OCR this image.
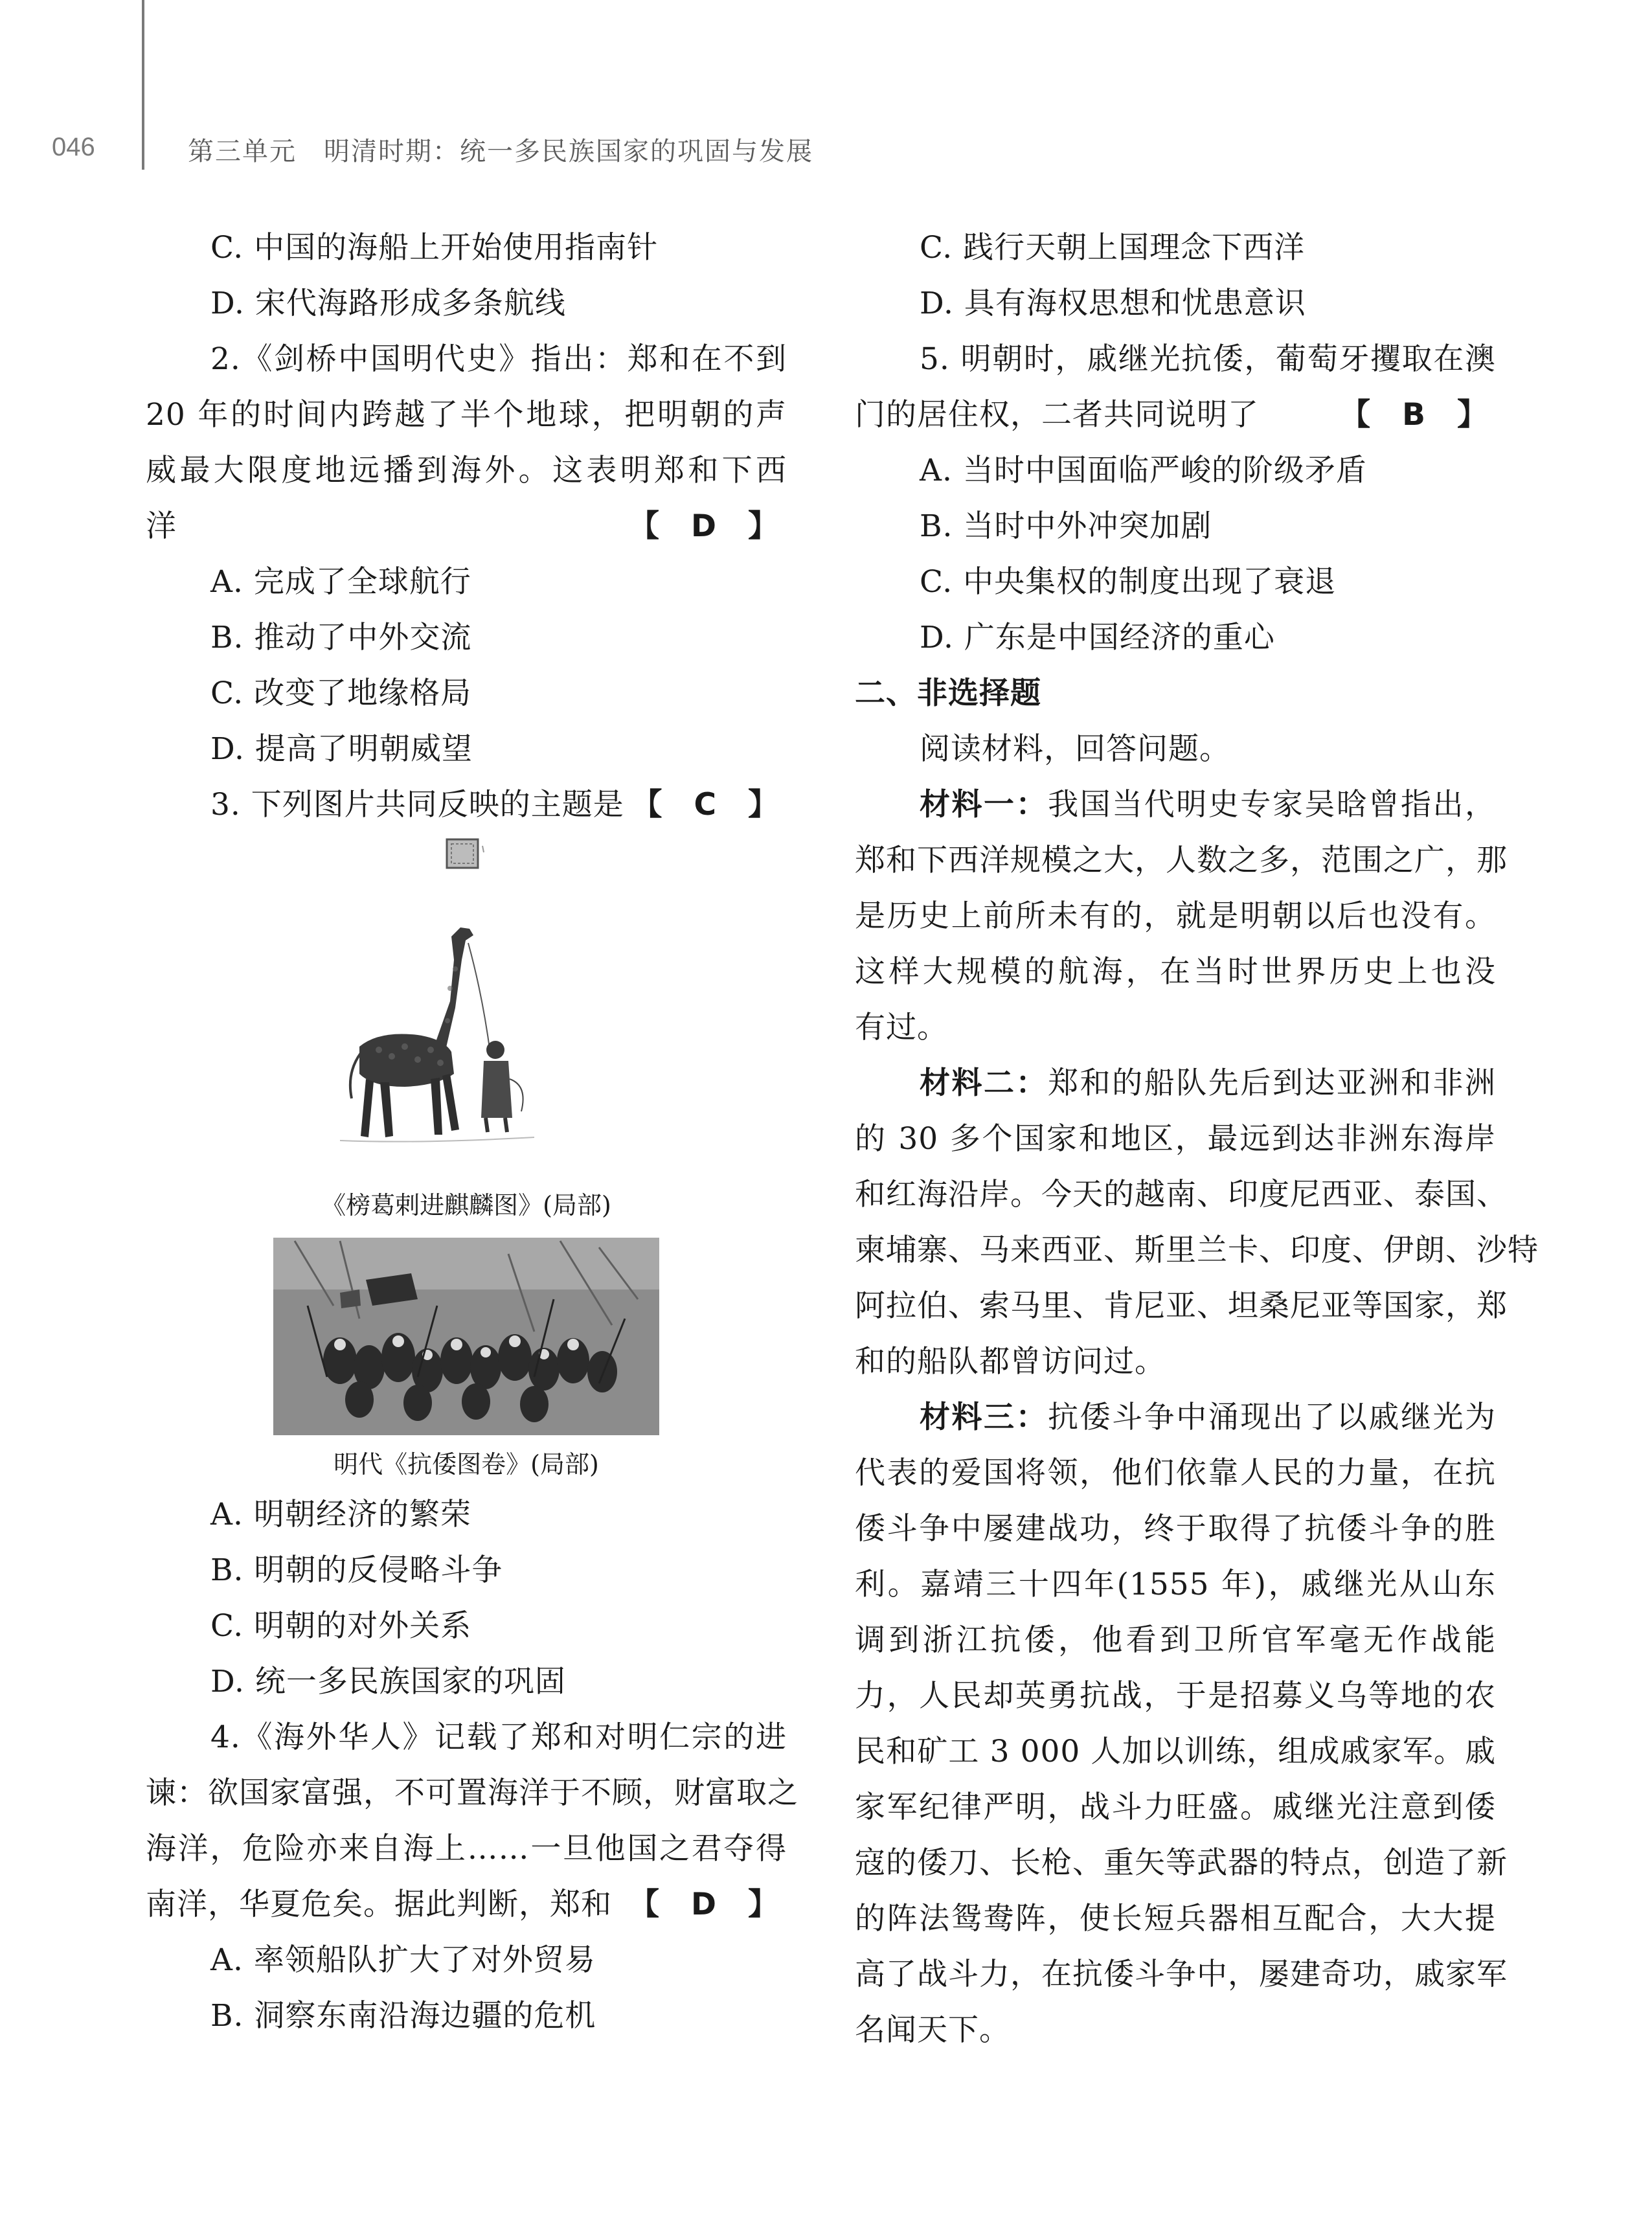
046	第三单元　明清时期：统一多民族国家的巩固与发展
C. 中国的海船上开始使用指南针
D. 宋代海路形成多条航线
2.《剑桥中国明代史》指出：郑和在不到
20 年的时间内跨越了半个地球，把明朝的声
威最大限度地远播到海外。这表明郑和下西
洋	【　D　】
A. 完成了全球航行
B. 推动了中外交流
C. 改变了地缘格局
D. 提高了明朝威望
3. 下列图片共同反映的主题是 【　C　】
《榜葛剌进麒麟图》(局部)
明代《抗倭图卷》(局部)
A. 明朝经济的繁荣
B. 明朝的反侵略斗争
C. 明朝的对外关系
D. 统一多民族国家的巩固
4.《海外华人》记载了郑和对明仁宗的进
谏：欲国家富强，不可置海洋于不顾，财富取之
海洋，危险亦来自海上……一旦他国之君夺得
南洋，华夏危矣。据此判断，郑和 【　D　】
A. 率领船队扩大了对外贸易
B. 洞察东南沿海边疆的危机
C. 践行天朝上国理念下西洋
D. 具有海权思想和忧患意识
5. 明朝时，戚继光抗倭，葡萄牙攫取在澳
门的居住权，二者共同说明了	【　B　】
A. 当时中国面临严峻的阶级矛盾
B. 当时中外冲突加剧
C. 中央集权的制度出现了衰退
D. 广东是中国经济的重心
二、非选择题
阅读材料，回答问题。
材料一：我国当代明史专家吴晗曾指出，
郑和下西洋规模之大，人数之多，范围之广，那
是历史上前所未有的，就是明朝以后也没有。
这样大规模的航海，在当时世界历史上也没
有过。
材料二：郑和的船队先后到达亚洲和非洲
的 30 多个国家和地区，最远到达非洲东海岸
和红海沿岸。今天的越南、印度尼西亚、泰国、
柬埔寨、马来西亚、斯里兰卡、印度、伊朗、沙特
阿拉伯、索马里、肯尼亚、坦桑尼亚等国家，郑
和的船队都曾访问过。
材料三：抗倭斗争中涌现出了以戚继光为
代表的爱国将领，他们依靠人民的力量，在抗
倭斗争中屡建战功，终于取得了抗倭斗争的胜
利。嘉靖三十四年(1555 年)，戚继光从山东
调到浙江抗倭，他看到卫所官军毫无作战能
力，人民却英勇抗战，于是招募义乌等地的农
民和矿工 3 000 人加以训练，组成戚家军。戚
家军纪律严明，战斗力旺盛。戚继光注意到倭
寇的倭刀、长枪、重矢等武器的特点，创造了新
的阵法鸳鸯阵，使长短兵器相互配合，大大提
高了战斗力，在抗倭斗争中，屡建奇功，戚家军
名闻天下。
